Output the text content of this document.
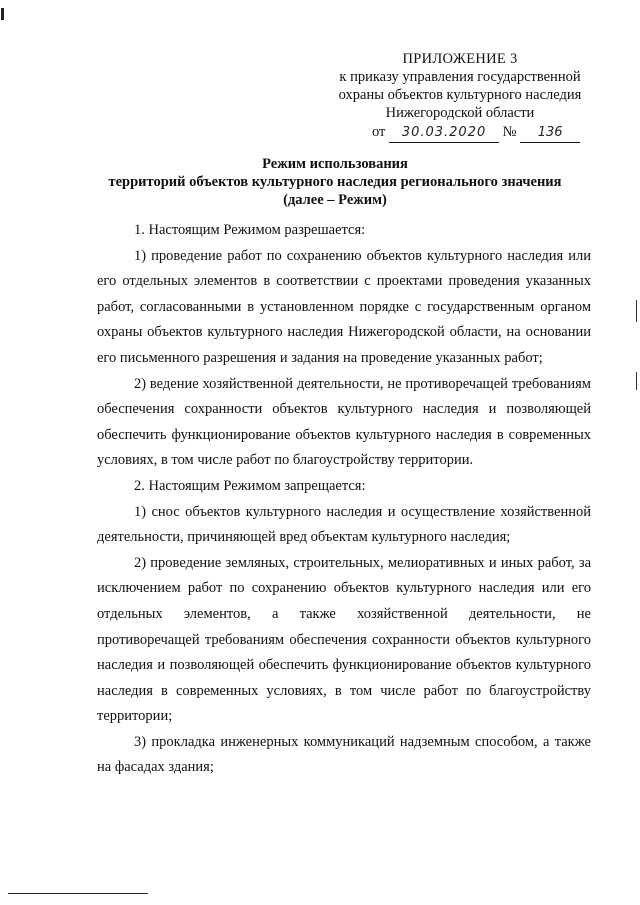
ПРИЛОЖЕНИЕ 3
к приказу управления государственной
охраны объектов культурного наследия
Нижегородской области
от 30.03.2020 № 136
Режим использования
территорий объектов культурного наследия регионального значения
(далее – Режим)

1. Настоящим Режимом разрешается:

1) проведение работ по сохранению объектов культурного наследия или его отдельных элементов в соответствии с проектами проведения указанных работ, согласованными в установленном порядке с государственным органом охраны объектов культурного наследия Нижегородской области, на основании его письменного разрешения и задания на проведение указанных работ;

2) ведение хозяйственной деятельности, не противоречащей требованиям обеспечения сохранности объектов культурного наследия и позволяющей обеспечить функционирование объектов культурного наследия в современных условиях, в том числе работ по благоустройству территории.

2. Настоящим Режимом запрещается:

1) снос объектов культурного наследия и осуществление хозяйственной деятельности, причиняющей вред объектам культурного наследия;

2) проведение земляных, строительных, мелиоративных и иных работ, за исключением работ по сохранению объектов культурного наследия или его отдельных элементов, а также хозяйственной деятельности, не противоречащей требованиям обеспечения сохранности объектов культурного наследия и позволяющей обеспечить функционирование объектов культурного наследия в современных условиях, в том числе работ по благоустройству территории;

3) прокладка инженерных коммуникаций надземным способом, а также на фасадах здания;
